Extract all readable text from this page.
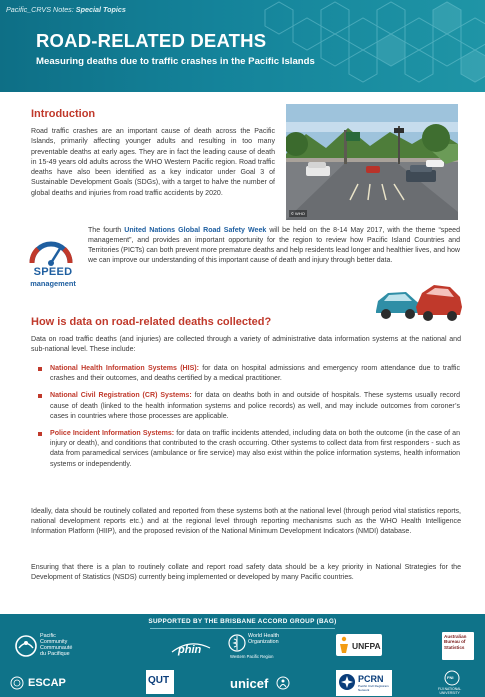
Pacific_CRVS Notes: Special Topics
ROAD-RELATED DEATHS
Measuring deaths due to traffic crashes in the Pacific Islands
Introduction

Road traffic crashes are an important cause of death across the Pacific Islands, primarily affecting younger adults and resulting in too many preventable deaths at early ages. They are in fact the leading cause of death in 15-49 years old adults across the WHO Western Pacific region. Road traffic deaths have also been identified as a key indicator under Goal 3 of Sustainable Development Goals (SDGs), with a target to halve the number of global deaths and injuries from road traffic accidents by 2020.

© WHO
SPEED
management

The fourth United Nations Global Road Safety Week will be held on the 8-14 May 2017, with the theme “speed management”, and provides an important opportunity for the region to review how Pacific Island Countries and Territories (PICTs) can both prevent more premature deaths and help residents lead longer and healthier lives, and how we can improve our understanding of this important cause of death and injury through better data.

How is data on road-related deaths collected?

Data on road traffic deaths (and injuries) are collected through a variety of administrative data information systems at the national and sub-national level. These include:

National Health Information Systems (HIS): for data on hospital admissions and emergency room attendance due to traffic crashes and their outcomes, and deaths certified by a medical practitioner.
National Civil Registration (CR) Systems: for data on deaths both in and outside of hospitals. These systems usually record cause of death (linked to the health information systems and police records) as well, and may include outcomes from coroner’s cases in countries where those processes are applicable.
Police Incident Information Systems: for data on traffic incidents attended, including data on both the outcome (in the case of an injury or death), and conditions that contributed to the crash occurring. Other systems to collect data from first responders - such as data from paramedical services (ambulance or fire service) may also exist within the police information systems, health information systems or independently.

Ideally, data should be routinely collated and reported from these systems both at the national level (through period vital statistics reports, national development reports etc.) and at the regional level through reporting mechanisms such as the WHO Health Intelligence Information Platform (HIIP), and the proposed revision of the National Minimum Development Indicators (NMDI) database.

Ensuring that there is a plan to routinely collate and report road safety data should be a key priority in National Strategies for the Development of Statistics (NSDS) currently being implemented or developed by many Pacific countries.

SUPPORTED BY THE BRISBANE ACCORD GROUP (BAG)
Pacific
Community
Communauté
du Pacifique	phin
World Health
Organization
Western Pacific Region
UNFPA
Australian
Bureau of
Statistics
ESCAP	QUT	unicef	PCRN
Pacific Civil Registrars Network
FNI
FIJI NATIONAL
UNIVERSITY
